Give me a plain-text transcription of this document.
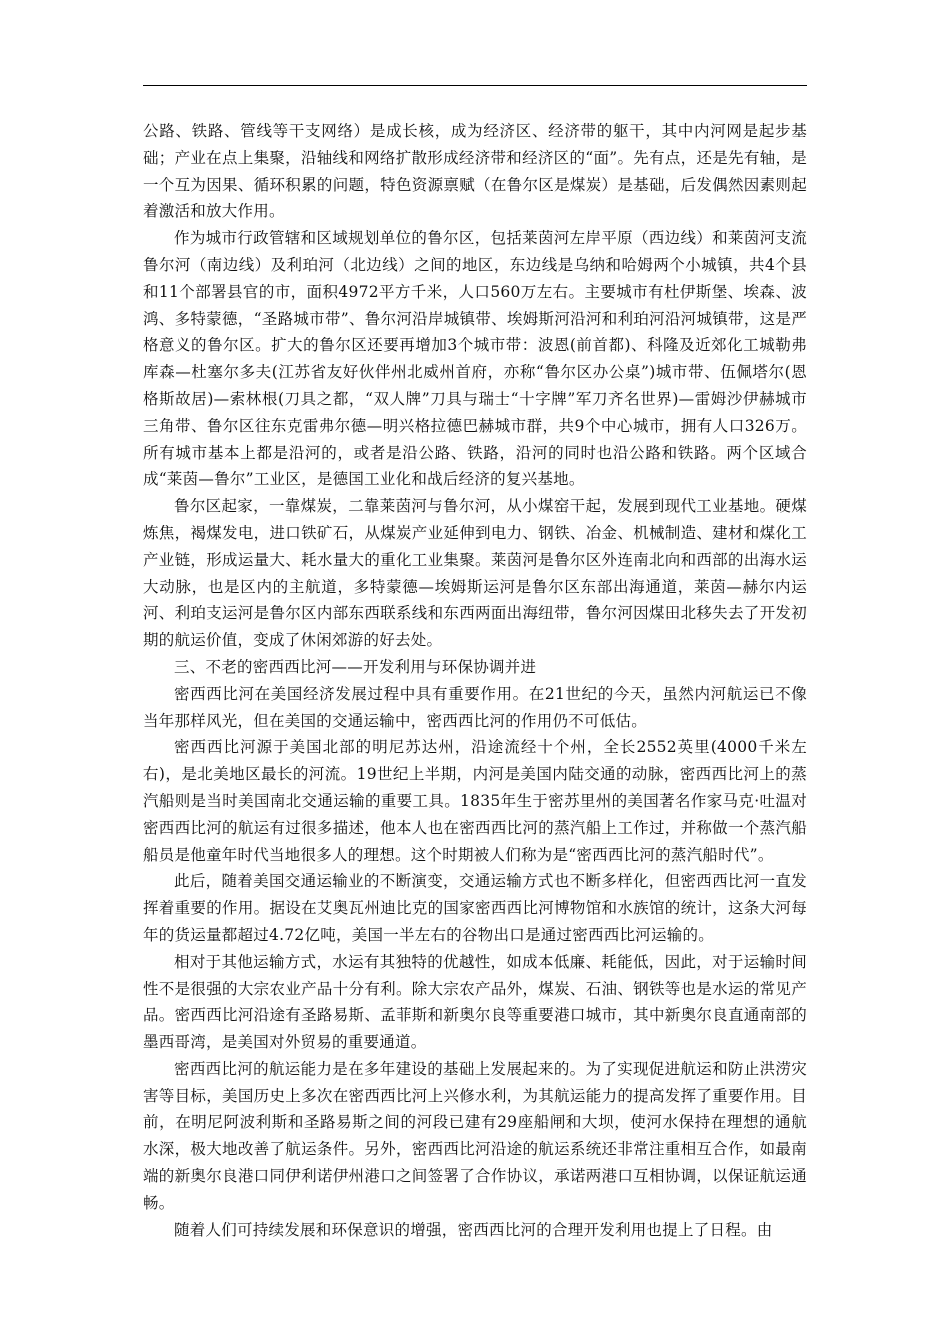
公路、铁路、管线等干支网络）是成长核，成为经济区、经济带的躯干，其中内河网是起步基础；产业在点上集聚，沿轴线和网络扩散形成经济带和经济区的“面”。先有点，还是先有轴，是一个互为因果、循环积累的问题，特色资源禀赋（在鲁尔区是煤炭）是基础，后发偶然因素则起着激活和放大作用。

作为城市行政管辖和区域规划单位的鲁尔区，包括莱茵河左岸平原（西边线）和莱茵河支流鲁尔河（南边线）及利珀河（北边线）之间的地区，东边线是乌纳和哈姆两个小城镇，共4个县和11个部署县官的市，面积4972平方千米，人口560万左右。主要城市有杜伊斯堡、埃森、波鸿、多特蒙德，“圣路城市带”、鲁尔河沿岸城镇带、埃姆斯河沿河和利珀河沿河城镇带，这是严格意义的鲁尔区。扩大的鲁尔区还要再增加3个城市带：波恩(前首都)、科隆及近郊化工城勒弗库森—杜塞尔多夫(江苏省友好伙伴州北威州首府，亦称“鲁尔区办公桌”)城市带、伍佩塔尔(恩格斯故居)—索林根(刀具之都，“双人牌”刀具与瑞士“十字牌”军刀齐名世界)—雷姆沙伊赫城市三角带、鲁尔区往东克雷弗尔德—明兴格拉德巴赫城市群，共9个中心城市，拥有人口326万。所有城市基本上都是沿河的，或者是沿公路、铁路，沿河的同时也沿公路和铁路。两个区域合成“莱茵—鲁尔”工业区，是德国工业化和战后经济的复兴基地。

鲁尔区起家，一靠煤炭，二靠莱茵河与鲁尔河，从小煤窑干起，发展到现代工业基地。硬煤炼焦，褐煤发电，进口铁矿石，从煤炭产业延伸到电力、钢铁、冶金、机械制造、建材和煤化工产业链，形成运量大、耗水量大的重化工业集聚。莱茵河是鲁尔区外连南北向和西部的出海水运大动脉，也是区内的主航道，多特蒙德—埃姆斯运河是鲁尔区东部出海通道，莱茵—赫尔内运河、利珀支运河是鲁尔区内部东西联系线和东西两面出海纽带，鲁尔河因煤田北移失去了开发初期的航运价值，变成了休闲郊游的好去处。

三、不老的密西西比河——开发利用与环保协调并进

密西西比河在美国经济发展过程中具有重要作用。在21世纪的今天，虽然内河航运已不像当年那样风光，但在美国的交通运输中，密西西比河的作用仍不可低估。

密西西比河源于美国北部的明尼苏达州，沿途流经十个州，全长2552英里(4000千米左右)，是北美地区最长的河流。19世纪上半期，内河是美国内陆交通的动脉，密西西比河上的蒸汽船则是当时美国南北交通运输的重要工具。1835年生于密苏里州的美国著名作家马克·吐温对密西西比河的航运有过很多描述，他本人也在密西西比河的蒸汽船上工作过，并称做一个蒸汽船船员是他童年时代当地很多人的理想。这个时期被人们称为是“密西西比河的蒸汽船时代”。

此后，随着美国交通运输业的不断演变，交通运输方式也不断多样化，但密西西比河一直发挥着重要的作用。据设在艾奥瓦州迪比克的国家密西西比河博物馆和水族馆的统计，这条大河每年的货运量都超过4.72亿吨，美国一半左右的谷物出口是通过密西西比河运输的。

相对于其他运输方式，水运有其独特的优越性，如成本低廉、耗能低，因此，对于运输时间性不是很强的大宗农业产品十分有利。除大宗农产品外，煤炭、石油、钢铁等也是水运的常见产品。密西西比河沿途有圣路易斯、孟菲斯和新奥尔良等重要港口城市，其中新奥尔良直通南部的墨西哥湾，是美国对外贸易的重要通道。

密西西比河的航运能力是在多年建设的基础上发展起来的。为了实现促进航运和防止洪涝灾害等目标，美国历史上多次在密西西比河上兴修水利，为其航运能力的提高发挥了重要作用。目前，在明尼阿波利斯和圣路易斯之间的河段已建有29座船闸和大坝，使河水保持在理想的通航水深，极大地改善了航运条件。另外，密西西比河沿途的航运系统还非常注重相互合作，如最南端的新奥尔良港口同伊利诺伊州港口之间签署了合作协议，承诺两港口互相协调，以保证航运通畅。

随着人们可持续发展和环保意识的增强，密西西比河的合理开发利用也提上了日程。由
